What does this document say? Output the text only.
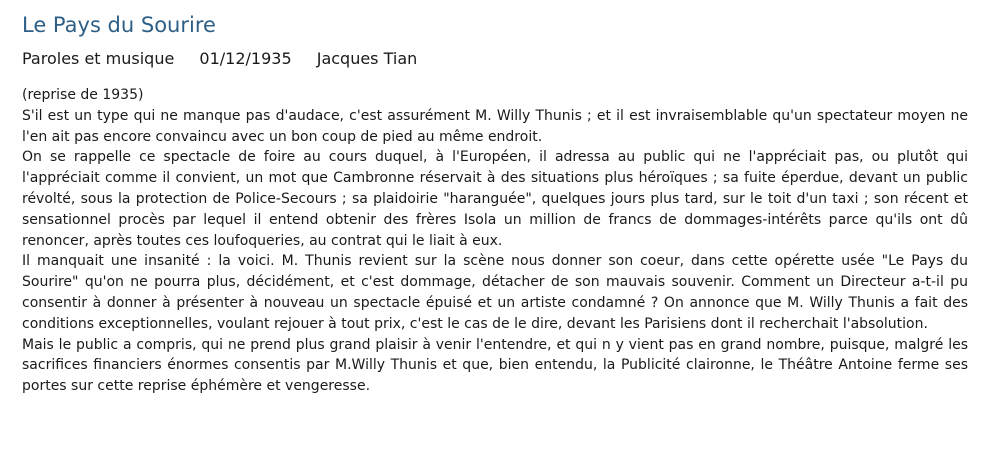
Le Pays du Sourire
Paroles et musique 01/12/1935 Jacques Tian

(reprise de 1935)

S'il est un type qui ne manque pas d'audace, c'est assurément M. Willy Thunis ; et il est invraisemblable qu'un spectateur moyen ne l'en ait pas encore convaincu avec un bon coup de pied au même endroit.

On se rappelle ce spectacle de foire au cours duquel, à l'Européen, il adressa au public qui ne l'appréciait pas, ou plutôt qui l'appréciait comme il convient, un mot que Cambronne réservait à des situations plus héroïques ; sa fuite éperdue, devant un public révolté, sous la protection de Police-Secours ; sa plaidoirie "haranguée", quelques jours plus tard, sur le toit d'un taxi ; son récent et sensationnel procès par lequel il entend obtenir des frères Isola un million de francs de dommages-intérêts parce qu'ils ont dû renoncer, après toutes ces loufoqueries, au contrat qui le liait à eux.

Il manquait une insanité : la voici. M. Thunis revient sur la scène nous donner son coeur, dans cette opérette usée "Le Pays du Sourire" qu'on ne pourra plus, décidément, et c'est dommage, détacher de son mauvais souvenir. Comment un Directeur a-t-il pu consentir à donner à présenter à nouveau un spectacle épuisé et un artiste condamné ? On annonce que M. Willy Thunis a fait des conditions exceptionnelles, voulant rejouer à tout prix, c'est le cas de le dire, devant les Parisiens dont il recherchait l'absolution.

Mais le public a compris, qui ne prend plus grand plaisir à venir l'entendre, et qui n y vient pas en grand nombre, puisque, malgré les sacrifices financiers énormes consentis par M.Willy Thunis et que, bien entendu, la Publicité claironne, le Théâtre Antoine ferme ses portes sur cette reprise éphémère et vengeresse.
